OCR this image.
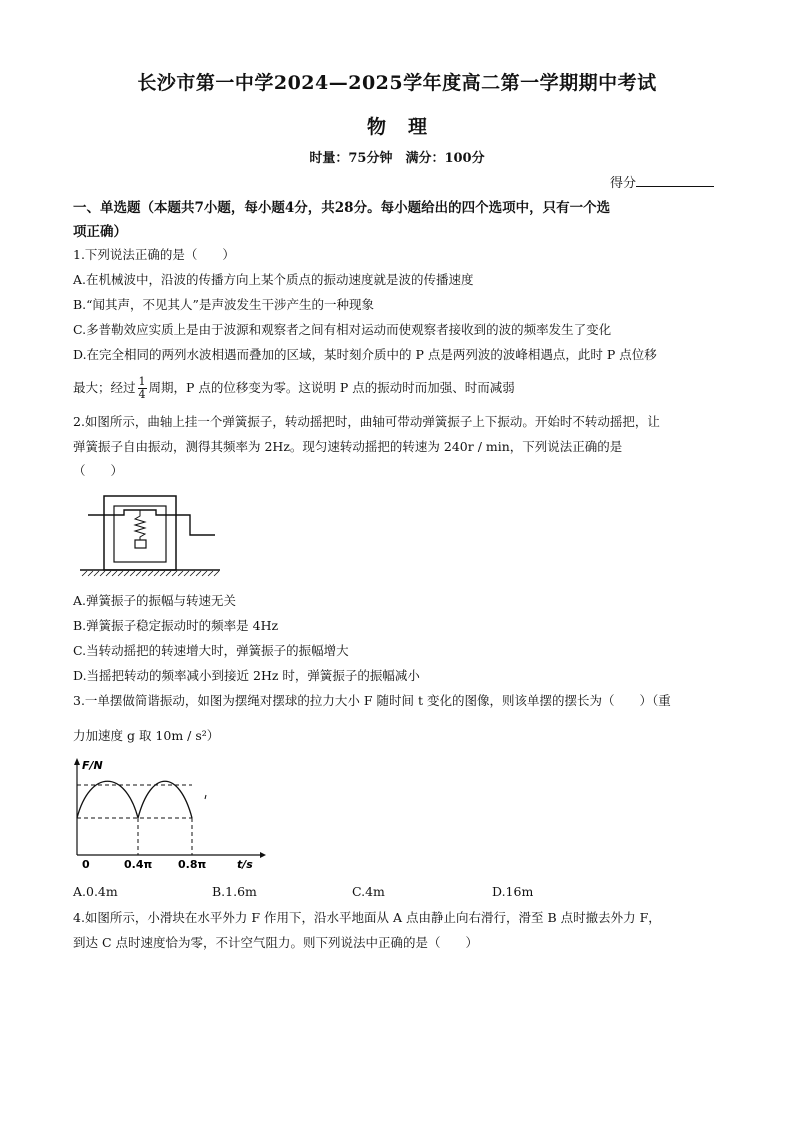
长沙市第一中学2024—2025学年度高二第一学期期中考试
物理
时量：75分钟　满分：100分
得分
一、单选题（本题共7小题，每小题4分，共28分。每小题给出的四个选项中，只有一个选
项正确）
1.下列说法正确的是（　　）
A.在机械波中，沿波的传播方向上某个质点的振动速度就是波的传播速度
B.“闻其声，不见其人”是声波发生干涉产生的一种现象
C.多普勒效应实质上是由于波源和观察者之间有相对运动而使观察者接收到的波的频率发生了变化
D.在完全相同的两列水波相遇而叠加的区域，某时刻介质中的 P 点是两列波的波峰相遇点，此时 P 点位移
最大；经过 $\frac{1}{4}$ 周期，P 点的位移变为零。这说明 P 点的振动时而加强、时而减弱
2.如图所示，曲轴上挂一个弹簧振子，转动摇把时，曲轴可带动弹簧振子上下振动。开始时不转动摇把，让
弹簧振子自由振动，测得其频率为 2Hz。现匀速转动摇把的转速为 240r / min，下列说法正确的是
（　　）
A.弹簧振子的振幅与转速无关
B.弹簧振子稳定振动时的频率是 4Hz
C.当转动摇把的转速增大时，弹簧振子的振幅增大
D.当摇把转动的频率减小到接近 2Hz 时，弹簧振子的振幅减小
3.一单摆做简谐振动，如图为摆绳对摆球的拉力大小 F 随时间 t 变化的图像，则该单摆的摆长为（　　）（重
力加速度 g 取 10m / s²）
F/N
0	0.4π 0.8π	t/s
A.0.4m	B.1.6m	C.4m	D.16m
4.如图所示，小滑块在水平外力 F 作用下，沿水平地面从 A 点由静止向右滑行，滑至 B 点时撤去外力 F，
到达 C 点时速度恰为零，不计空气阻力。则下列说法中正确的是（　　）
